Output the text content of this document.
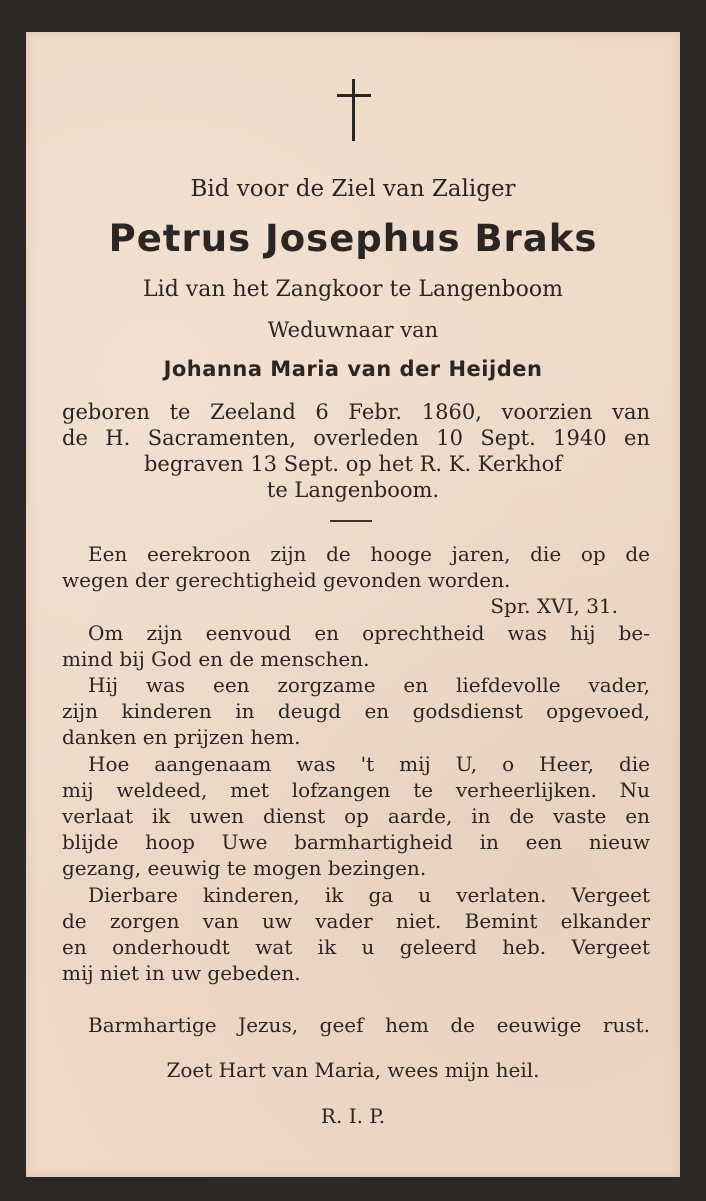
Bid voor de Ziel van Zaliger
Petrus Josephus Braks
Lid van het Zangkoor te Langenboom
Weduwnaar van
Johanna Maria van der Heijden
geboren te Zeeland 6 Febr. 1860, voorzien van
de H. Sacramenten, overleden 10 Sept. 1940 en
begraven 13 Sept. op het R. K. Kerkhof
te Langenboom.
Een eerekroon zijn de hooge jaren, die op de
wegen der gerechtigheid gevonden worden.
Spr. XVI, 31.
Om zijn eenvoud en oprechtheid was hij be-
mind bij God en de menschen.
Hij was een zorgzame en liefdevolle vader,
zijn kinderen in deugd en godsdienst opgevoed,
danken en prijzen hem.
Hoe aangenaam was 't mij U, o Heer, die
mij weldeed, met lofzangen te verheerlijken. Nu
verlaat ik uwen dienst op aarde, in de vaste en
blijde hoop Uwe barmhartigheid in een nieuw
gezang, eeuwig te mogen bezingen.
Dierbare kinderen, ik ga u verlaten. Vergeet
de zorgen van uw vader niet. Bemint elkander
en onderhoudt wat ik u geleerd heb. Vergeet
mij niet in uw gebeden.
Barmhartige Jezus, geef hem de eeuwige rust.
Zoet Hart van Maria, wees mijn heil.
R. I. P.
